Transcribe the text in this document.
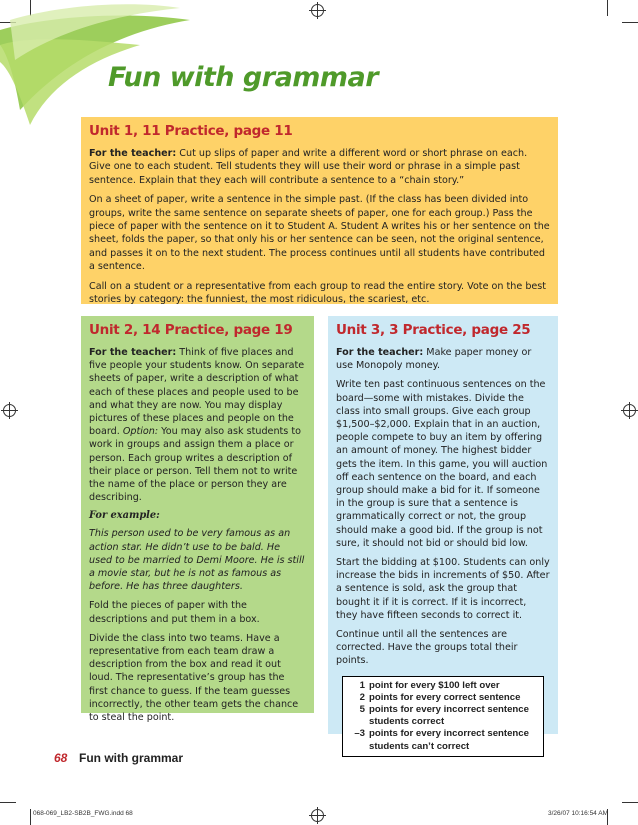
Fun with grammar
Unit 1, 11 Practice, page 11

For the teacher: Cut up slips of paper and write a different word or short phrase on each. Give one to each student. Tell students they will use their word or phrase in a simple past sentence. Explain that they each will contribute a sentence to a “chain story.”

On a sheet of paper, write a sentence in the simple past. (If the class has been divided into groups, write the same sentence on separate sheets of paper, one for each group.) Pass the piece of paper with the sentence on it to Student A. Student A writes his or her sentence on the sheet, folds the paper, so that only his or her sentence can be seen, not the original sentence, and passes it on to the next student. The process continues until all students have contributed a sentence.

Call on a student or a representative from each group to read the entire story. Vote on the best stories by category: the funniest, the most ridiculous, the scariest, etc.

Unit 2, 14 Practice, page 19

For the teacher: Think of five places and five people your students know. On separate sheets of paper, write a description of what each of these places and people used to be and what they are now. You may display pictures of these places and people on the board. Option: You may also ask students to work in groups and assign them a place or person. Each group writes a description of their place or person. Tell them not to write the name of the place or person they are describing.

For example:

This person used to be very famous as an action star. He didn’t use to be bald. He used to be married to Demi Moore. He is still a movie star, but he is not as famous as before. He has three daughters.

Fold the pieces of paper with the descriptions and put them in a box.

Divide the class into two teams. Have a representative from each team draw a description from the box and read it out loud. The representative’s group has the first chance to guess. If the team guesses incorrectly, the other team gets the chance to steal the point.

Unit 3, 3 Practice, page 25

For the teacher: Make paper money or use Monopoly money.

Write ten past continuous sentences on the board—some with mistakes. Divide the class into small groups. Give each group $1,500–$2,000. Explain that in an auction, people compete to buy an item by offering an amount of money. The highest bidder gets the item. In this game, you will auction off each sentence on the board, and each group should make a bid for it. If someone in the group is sure that a sentence is grammatically correct or not, the group should make a good bid. If the group is not sure, it should not bid or should bid low.

Start the bidding at $100. Students can only increase the bids in increments of $50. After a sentence is sold, ask the group that bought it if it is correct. If it is incorrect, they have fifteen seconds to correct it.

Continue until all the sentences are corrected. Have the groups total their points.

1 point for every $100 left over
2 points for every correct sentence
5 points for every incorrect sentence students correct
–3 points for every incorrect sentence students can’t correct
68 Fun with grammar
068-069_LB2-SB2B_FWG.indd 68	3/26/07 10:16:54 AM
